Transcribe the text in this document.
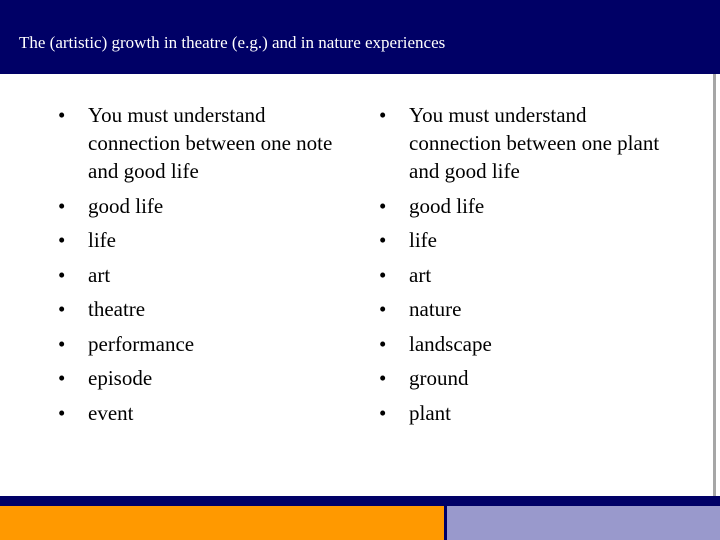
The (artistic) growth in theatre (e.g.) and in nature experiences
• You must understand connection between one note and good life
• good life
• life
• art
• theatre
• performance
• episode
• event
• You must understand connection between one plant and good life
• good life
• life
• art
• nature
• landscape
• ground
• plant
